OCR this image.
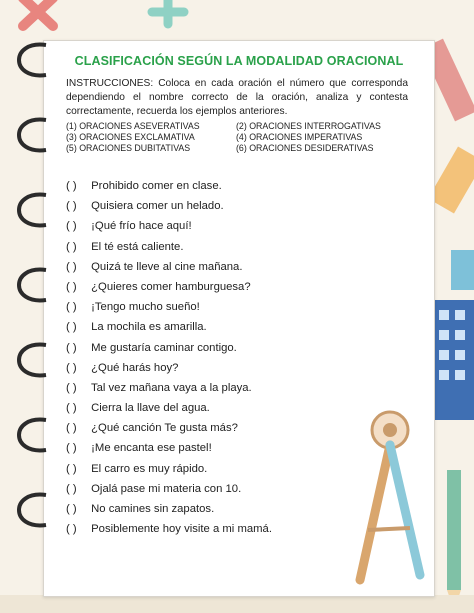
CLASIFICACIÓN SEGÚN LA MODALIDAD ORACIONAL
INSTRUCCIONES: Coloca en cada oración el número que corresponda dependiendo el nombre correcto de la oración, analiza y contesta correctamente, recuerda los ejemplos anteriores.
(1) ORACIONES ASEVERATIVAS	(2) ORACIONES INTERROGATIVAS
(3) ORACIONES EXCLAMATIVA	(4) ORACIONES IMPERATIVAS
(5) ORACIONES DUBITATIVAS	(6) ORACIONES DESIDERATIVAS
( ) Prohibido comer en clase.
( ) Quisiera comer un helado.
( ) ¡Qué frío hace aquí!
( ) El té está caliente.
( ) Quizá te lleve al cine mañana.
( ) ¿Quieres comer hamburguesa?
( ) ¡Tengo mucho sueño!
( ) La mochila es amarilla.
( ) Me gustaría caminar contigo.
( ) ¿Qué harás hoy?
( ) Tal vez mañana vaya a la playa.
( ) Cierra la llave del agua.
( ) ¿Qué canción Te gusta más?
( ) ¡Me encanta ese pastel!
( ) El carro es muy rápido.
( ) Ojalá pase mi materia con 10.
( ) No camines sin zapatos.
( ) Posiblemente hoy visite a mi mamá.
